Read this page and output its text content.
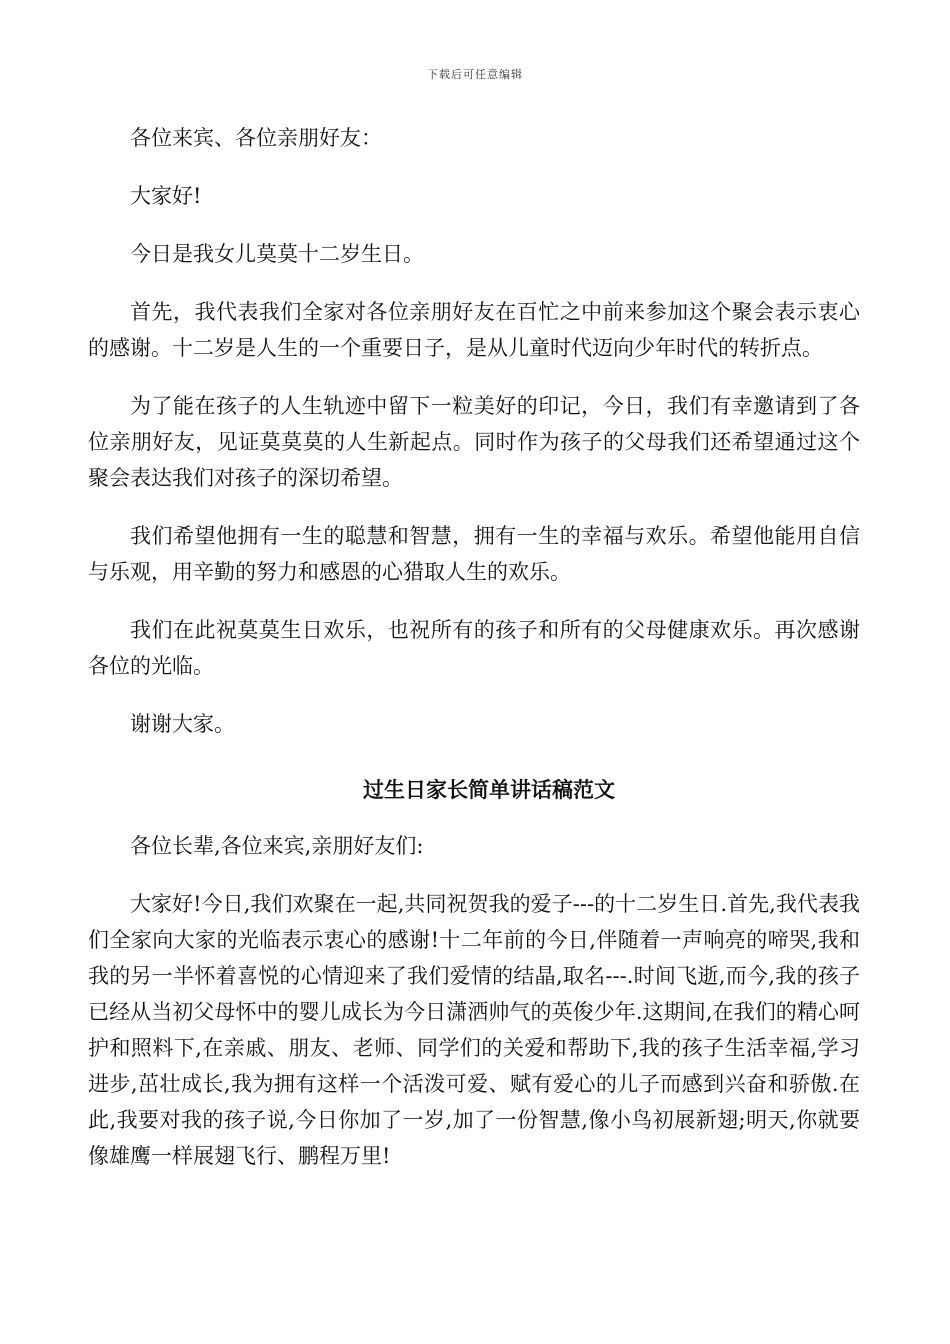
下载后可任意编辑

各位来宾、各位亲朋好友：

大家好!

今日是我女儿莫莫十二岁生日。

首先，我代表我们全家对各位亲朋好友在百忙之中前来参加这个聚会表示衷心的感谢。十二岁是人生的一个重要日子，是从儿童时代迈向少年时代的转折点。

为了能在孩子的人生轨迹中留下一粒美好的印记，今日，我们有幸邀请到了各位亲朋好友，见证莫莫莫的人生新起点。同时作为孩子的父母我们还希望通过这个聚会表达我们对孩子的深切希望。

我们希望他拥有一生的聪慧和智慧，拥有一生的幸福与欢乐。希望他能用自信与乐观，用辛勤的努力和感恩的心猎取人生的欢乐。

我们在此祝莫莫生日欢乐，也祝所有的孩子和所有的父母健康欢乐。再次感谢各位的光临。

谢谢大家。

过生日家长简单讲话稿范文

各位长辈,各位来宾,亲朋好友们:

大家好!今日,我们欢聚在一起,共同祝贺我的爱子---的十二岁生日.首先,我代表我们全家向大家的光临表示衷心的感谢!十二年前的今日,伴随着一声响亮的啼哭,我和我的另一半怀着喜悦的心情迎来了我们爱情的结晶,取名---.时间飞逝,而今,我的孩子已经从当初父母怀中的婴儿成长为今日潇洒帅气的英俊少年.这期间,在我们的精心呵护和照料下,在亲戚、朋友、老师、同学们的关爱和帮助下,我的孩子生活幸福,学习进步,茁壮成长,我为拥有这样一个活泼可爱、赋有爱心的儿子而感到兴奋和骄傲.在此,我要对我的孩子说,今日你加了一岁,加了一份智慧,像小鸟初展新翅;明天,你就要像雄鹰一样展翅飞行、鹏程万里!
